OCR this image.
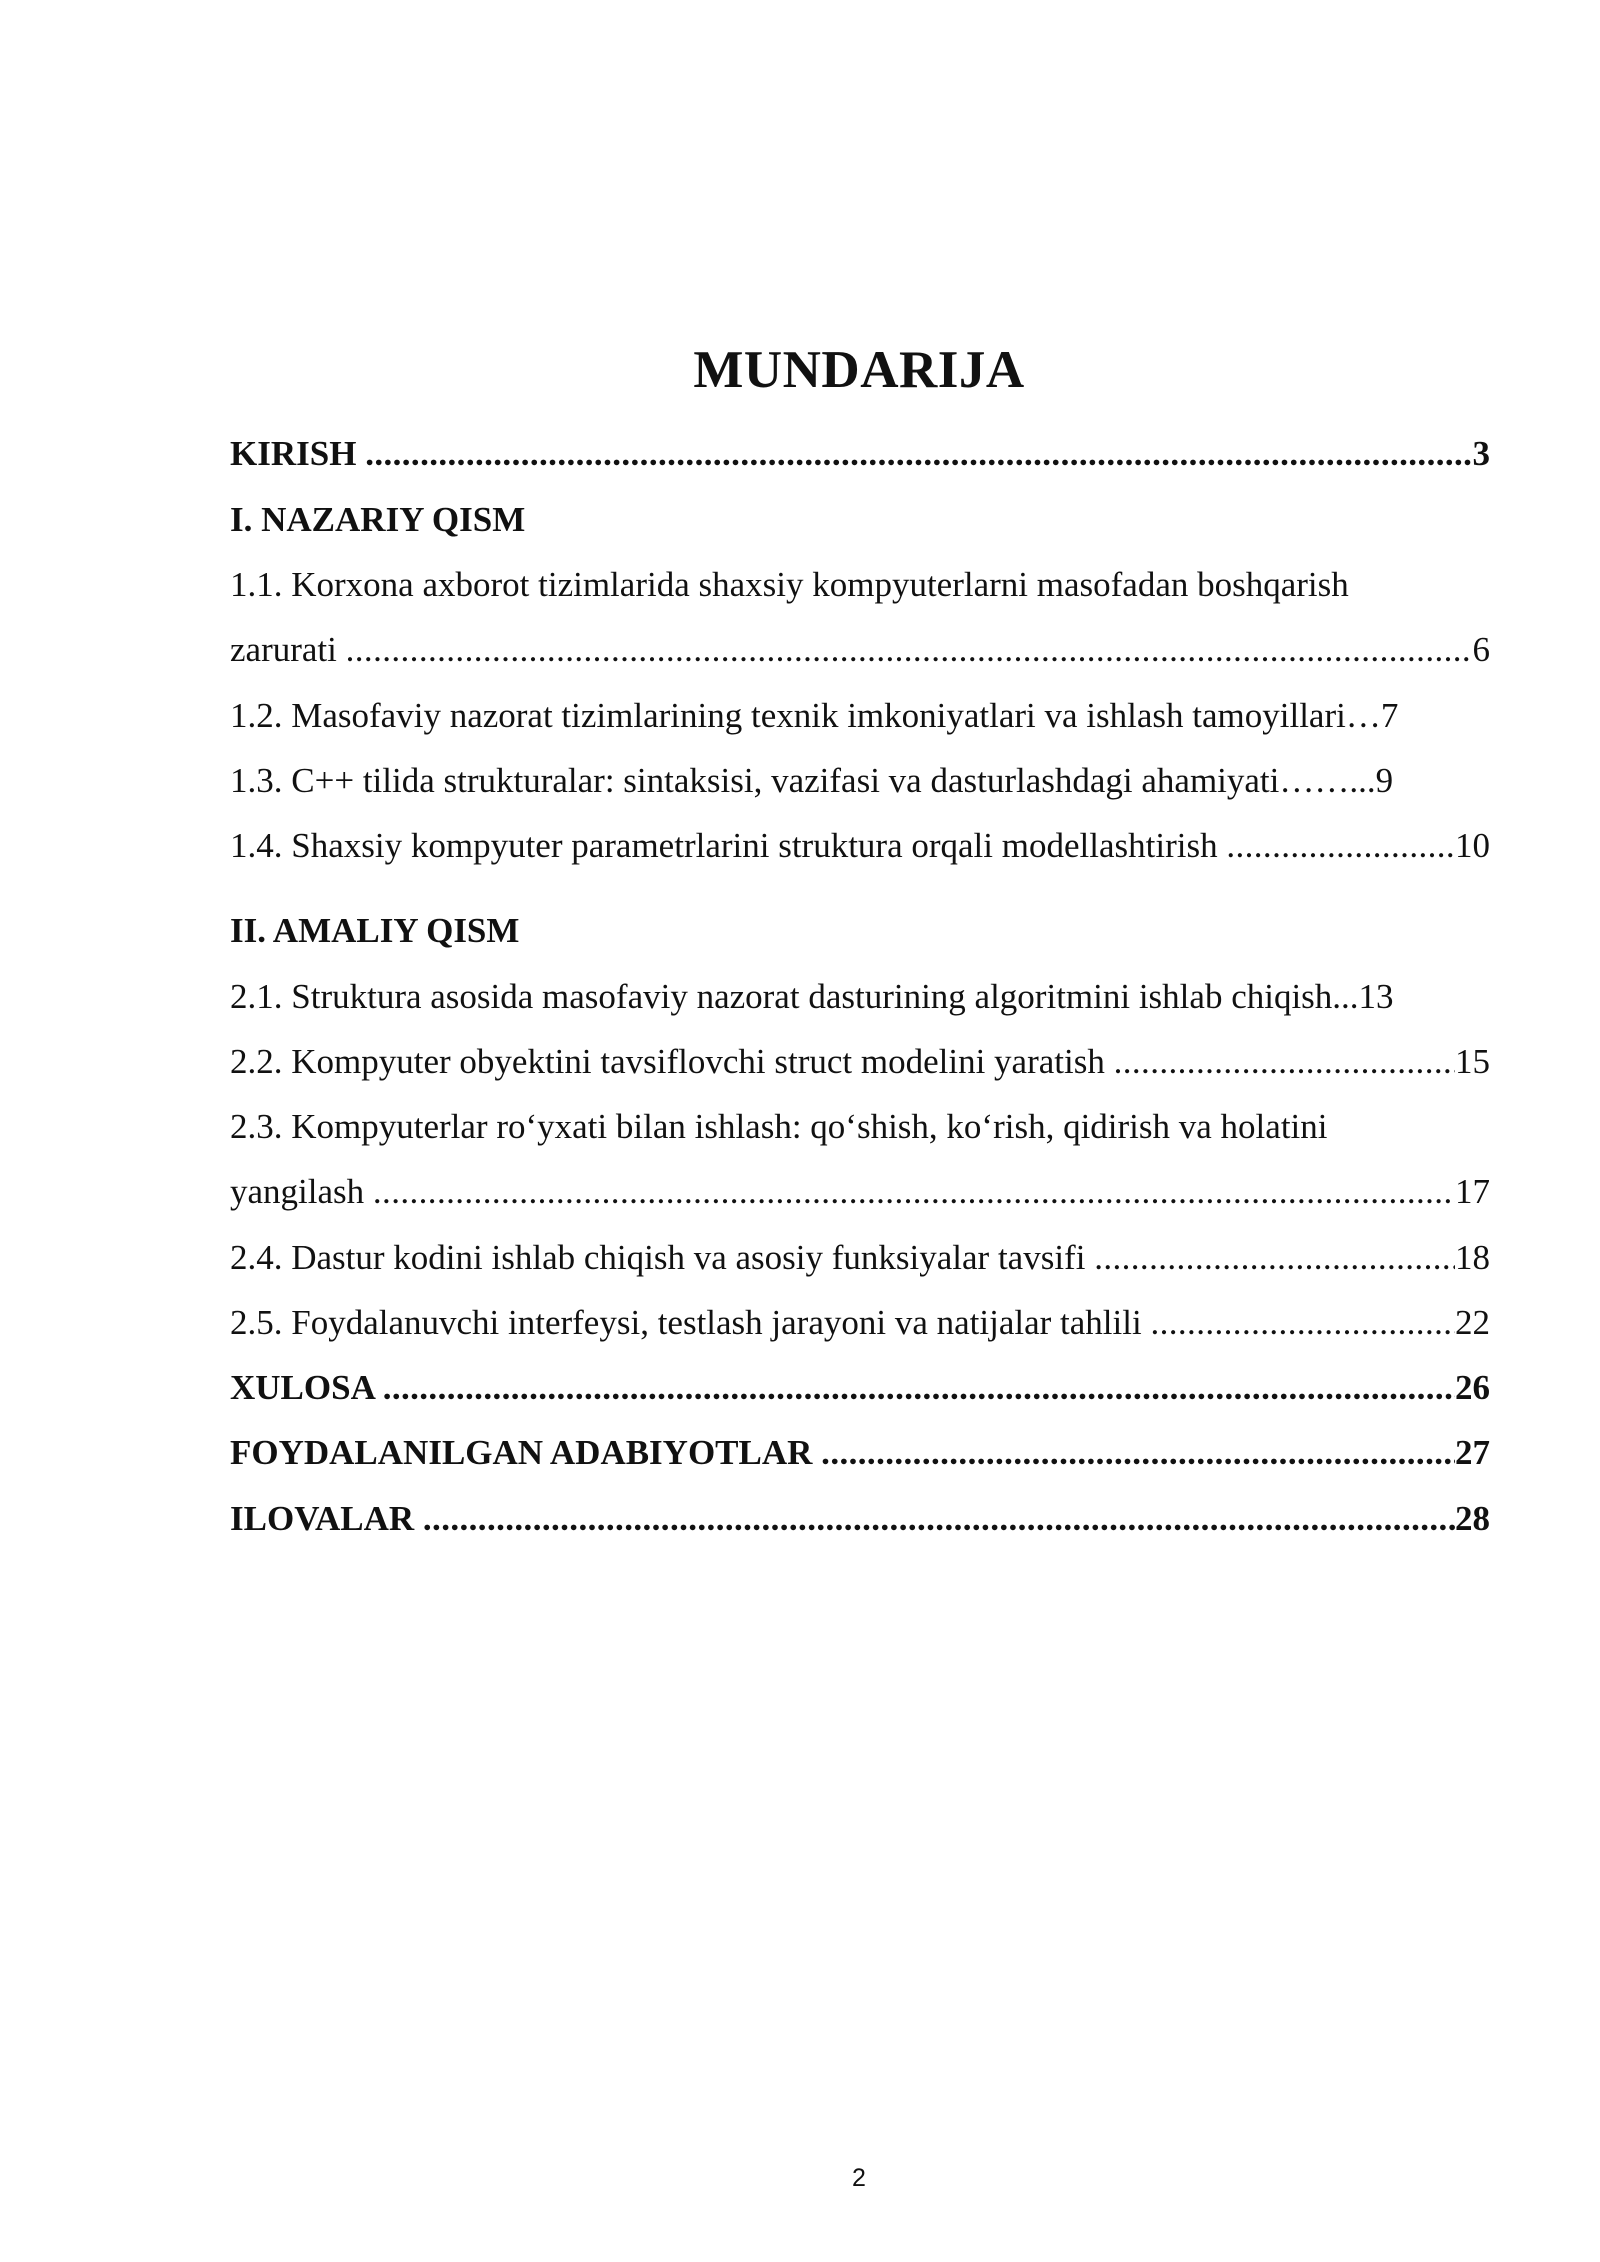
MUNDARIJA
KIRISH .....	3
I. NAZARIY QISM
1.1. Korxona axborot tizimlarida shaxsiy kompyuterlarni masofadan boshqarish
zarurati .....	6
1.2. Masofaviy nazorat tizimlarining texnik imkoniyatlari va ishlash tamoyillari…7
1.3. C++ tilida strukturalar: sintaksisi, vazifasi va dasturlashdagi ahamiyati……...9
1.4. Shaxsiy kompyuter parametrlarini struktura orqali modellashtirish .....	10
II. AMALIY QISM
2.1. Struktura asosida masofaviy nazorat dasturining algoritmini ishlab chiqish...13
2.2. Kompyuter obyektini tavsiflovchi struct modelini yaratish .....	15
2.3. Kompyuterlar ro‘yxati bilan ishlash: qo‘shish, ko‘rish, qidirish va holatini
yangilash .....	17
2.4. Dastur kodini ishlab chiqish va asosiy funksiyalar tavsifi .....	18
2.5. Foydalanuvchi interfeysi, testlash jarayoni va natijalar tahlili .....	22
XULOSA .....	26
FOYDALANILGAN ADABIYOTLAR .....	27
ILOVALAR .....	28
2
